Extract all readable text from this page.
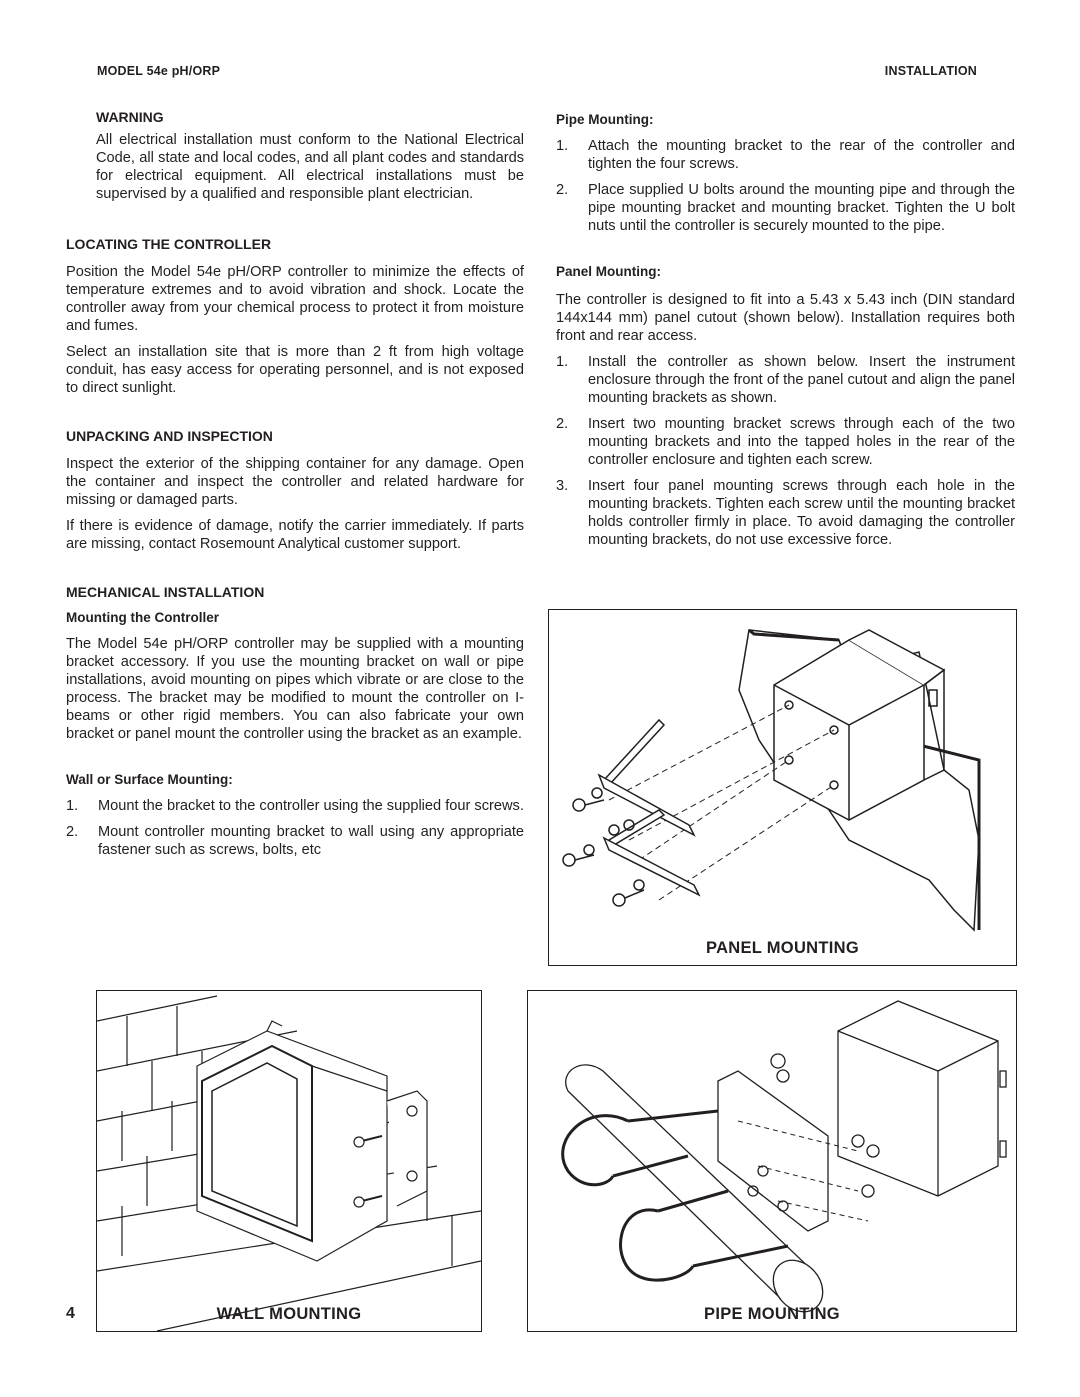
MODEL 54e pH/ORP	INSTALLATION
WARNING

All electrical installation must conform to the National Electrical Code, all state and local codes, and all plant codes and standards for electrical equipment. All electrical installations must be supervised by a qualified and responsible plant electrician.

LOCATING THE CONTROLLER

Position the Model 54e pH/ORP controller to minimize the effects of temperature extremes and to avoid vibration and shock. Locate the controller away from your chemical process to protect it from moisture and fumes.

Select an installation site that is more than 2 ft from high voltage conduit, has easy access for operating personnel, and is not exposed to direct sunlight.

UNPACKING AND INSPECTION

Inspect the exterior of the shipping container for any damage. Open the container and inspect the controller and related hardware for missing or damaged parts.

If there is evidence of damage, notify the carrier immediately. If parts are missing, contact Rosemount Analytical customer support.

MECHANICAL INSTALLATION
Mounting the Controller

The Model 54e pH/ORP controller may be supplied with a mounting bracket accessory. If you use the mounting bracket on wall or pipe installations, avoid mounting on pipes which vibrate or are close to the process. The bracket may be modified to mount the controller on I-beams or other rigid members. You can also fabricate your own bracket or panel mount the controller using the bracket as an example.

Wall or Surface Mounting:
1. Mount the bracket to the controller using the supplied four screws.
2. Mount controller mounting bracket to wall using any appropriate fastener such as screws, bolts, etc
Pipe Mounting:
1. Attach the mounting bracket to the rear of the controller and tighten the four screws.
2. Place supplied U bolts around the mounting pipe and through the pipe mounting bracket and mounting bracket. Tighten the U bolt nuts until the controller is securely mounted to the pipe.
Panel Mounting:

The controller is designed to fit into a 5.43 x 5.43 inch (DIN standard 144x144 mm) panel cutout (shown below). Installation requires both front and rear access.

1. Install the controller as shown below. Insert the instrument enclosure through the front of the panel cutout and align the panel mounting brackets as shown.
2. Insert two mounting bracket screws through each of the two mounting brackets and into the tapped holes in the rear of the controller enclosure and tighten each screw.
3. Insert four panel mounting screws through each hole in the mounting brackets. Tighten each screw until the mounting bracket holds controller firmly in place. To avoid damaging the controller mounting brackets, do not use excessive force.
PANEL MOUNTING
WALL MOUNTING	PIPE MOUNTING
4
